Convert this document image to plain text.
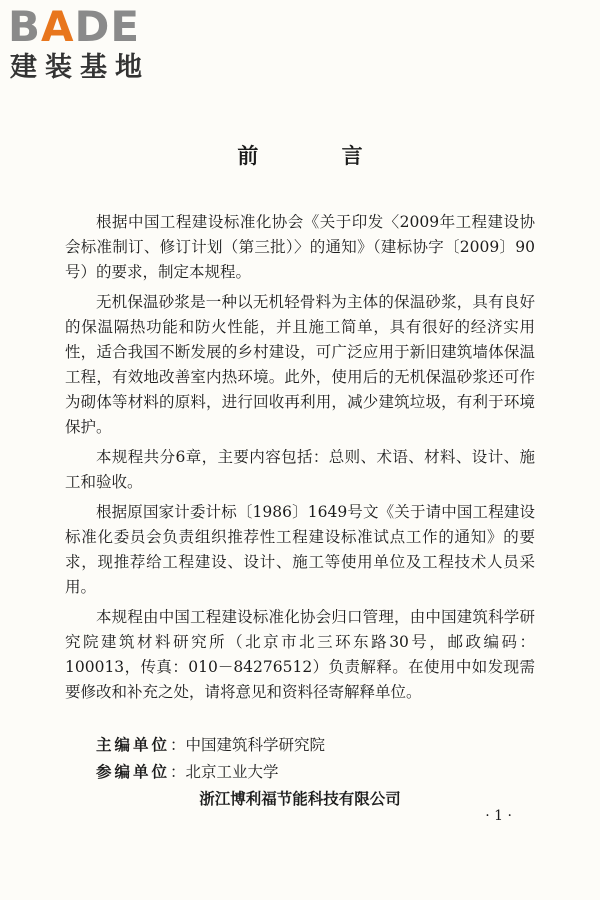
BADE
建装基地
前 言

根据中国工程建设标准化协会《关于印发〈2009年工程建设协会标准制订、修订计划（第三批）〉的通知》（建标协字〔2009〕90号）的要求，制定本规程。

无机保温砂浆是一种以无机轻骨料为主体的保温砂浆，具有良好的保温隔热功能和防火性能，并且施工简单，具有很好的经济实用性，适合我国不断发展的乡村建设，可广泛应用于新旧建筑墙体保温工程，有效地改善室内热环境。此外，使用后的无机保温砂浆还可作为砌体等材料的原料，进行回收再利用，减少建筑垃圾，有利于环境保护。

本规程共分6章，主要内容包括：总则、术语、材料、设计、施工和验收。

根据原国家计委计标〔1986〕1649号文《关于请中国工程建设标准化委员会负责组织推荐性工程建设标准试点工作的通知》的要求，现推荐给工程建设、设计、施工等使用单位及工程技术人员采用。

本规程由中国工程建设标准化协会归口管理，由中国建筑科学研究院建筑材料研究所（北京市北三环东路30号，邮政编码：100013，传真：010－84276512）负责解释。在使用中如发现需要修改和补充之处，请将意见和资料径寄解释单位。

主编单位：中国建筑科学研究院
参编单位：北京工业大学
浙江博利福节能科技有限公司
· 1 ·
